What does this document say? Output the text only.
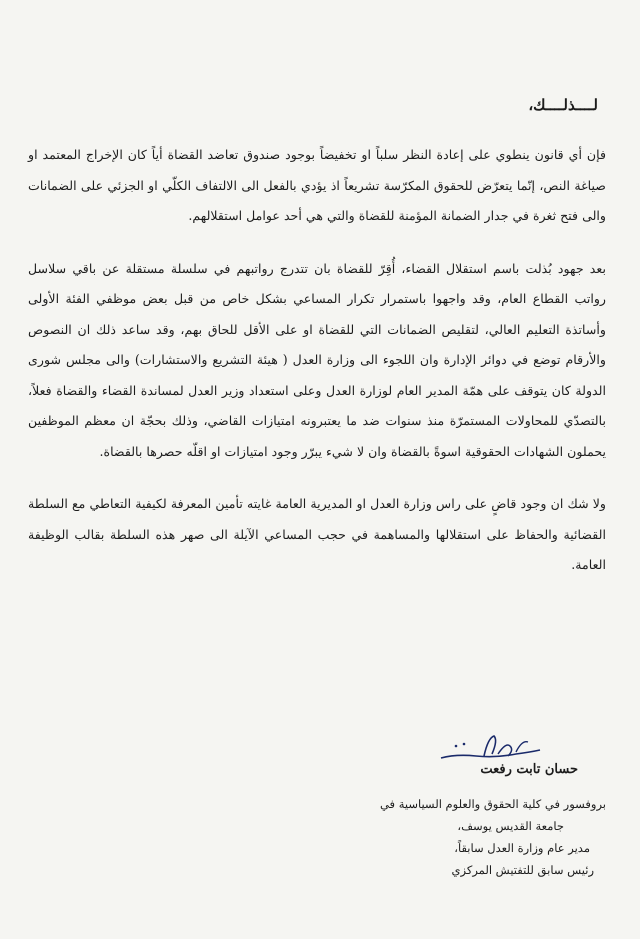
لــــذلــــك،

فإن أي قانون ينطوي على إعادة النظر سلباً او تخفيضاً بوجود صندوق تعاضد القضاة أياً كان الإخراج المعتمد او صياغة النص، إنّما يتعرّض للحقوق المكرّسة تشريعاً اذ يؤدي بالفعل الى الالتفاف الكلّي او الجزئي على الضمانات والى فتح ثغرة في جدار الضمانة المؤمنة للقضاة والتي هي أحد عوامل استقلالهم.

بعد جهود بُذلت باسم استقلال القضاء، أُقِرّ للقضاة بان تتدرج رواتبهم في سلسلة مستقلة عن باقي سلاسل رواتب القطاع العام، وقد واجهوا باستمرار تكرار المساعي بشكل خاص من قبل بعض موظفي الفئة الأولى وأساتذة التعليم العالي، لتقليص الضمانات التي للقضاة او على الأقل للحاق بهم، وقد ساعد ذلك ان النصوص والأرقام توضع في دوائر الإدارة وان اللجوء الى وزارة العدل ( هيئة التشريع والاستشارات) والى مجلس شورى الدولة كان يتوقف على همّة المدير العام لوزارة العدل وعلى استعداد وزير العدل لمساندة القضاء والقضاة فعلاً، بالتصدّي للمحاولات المستمرّة منذ سنوات ضد ما يعتبرونه امتيازات القاضي، وذلك بحجّة ان معظم الموظفين يحملون الشهادات الحقوقية اسوةً بالقضاة وان لا شيء يبرّر وجود امتيازات او اقلّه حصرها بالقضاة.

ولا شك ان وجود قاضٍ على راس وزارة العدل او المديرية العامة غايته تأمين المعرفة لكيفية التعاطي مع السلطة القضائية والحفاظ على استقلالها والمساهمة في حجب المساعي الآيلة الى صهر هذه السلطة بقالب الوظيفة العامة.

حسان تابت رفعت
بروفسور في كلية الحقوق والعلوم السياسية في
جامعة القديس يوسف،
مدير عام وزارة العدل سابقاً،
رئيس سابق للتفتيش المركزي
